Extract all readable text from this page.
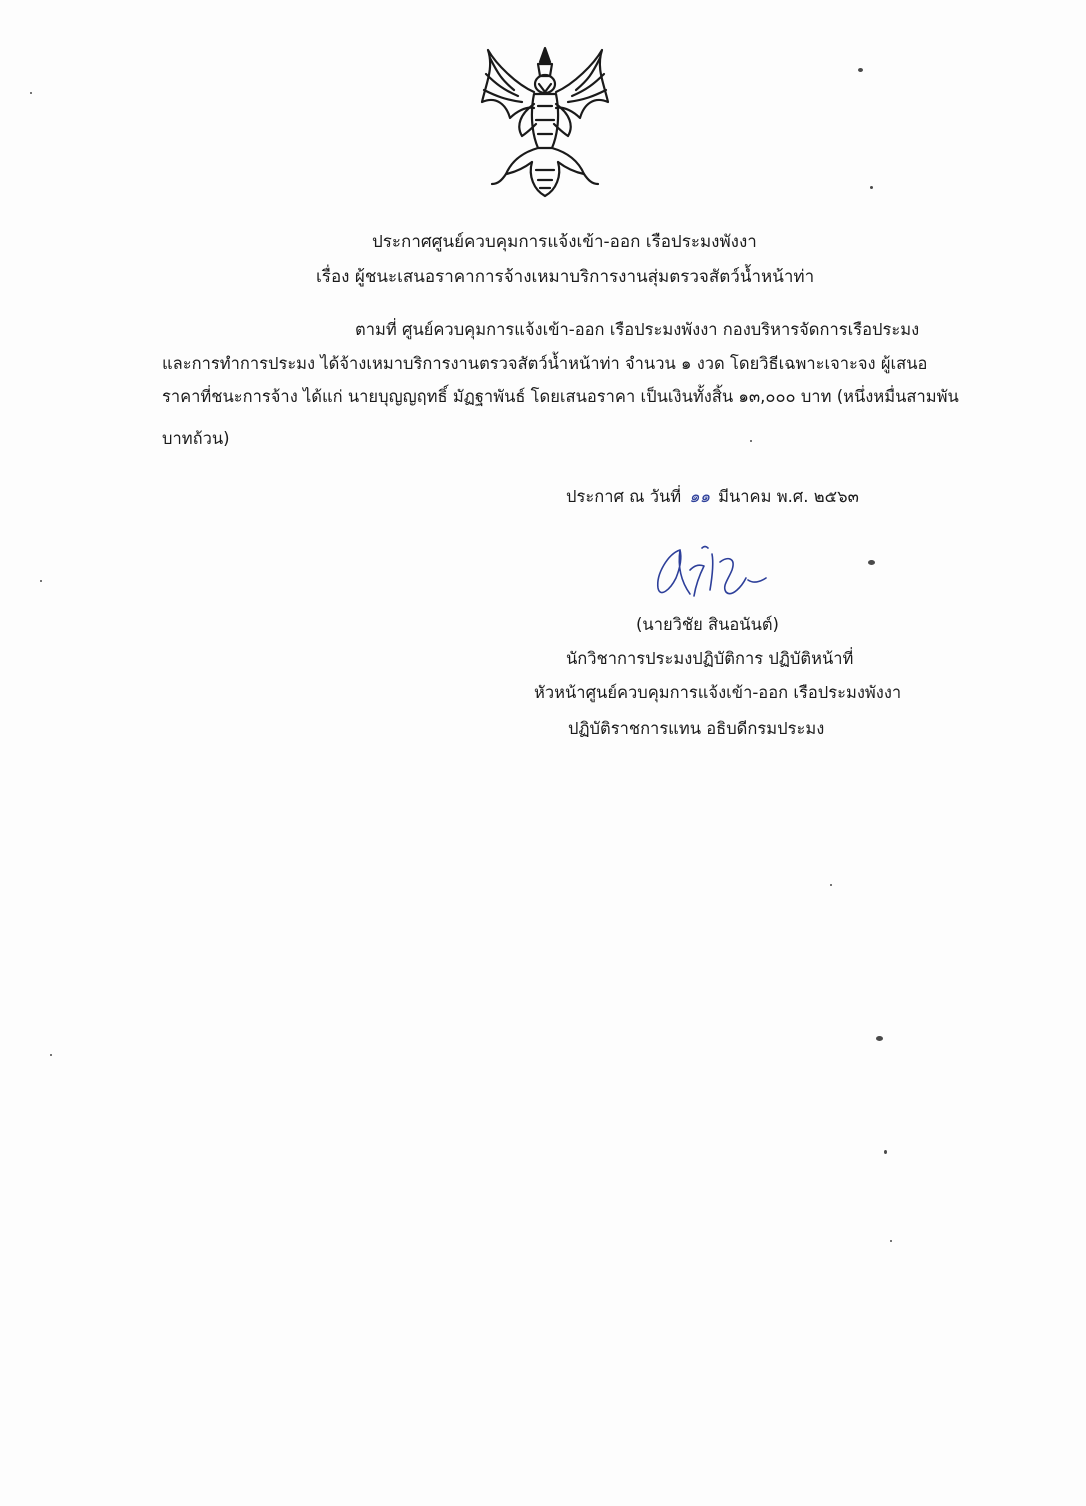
ประกาศศูนย์ควบคุมการแจ้งเข้า-ออก เรือประมงพังงา
เรื่อง ผู้ชนะเสนอราคาการจ้างเหมาบริการงานสุ่มตรวจสัตว์น้ำหน้าท่า
ตามที่ ศูนย์ควบคุมการแจ้งเข้า-ออก เรือประมงพังงา กองบริหารจัดการเรือประมง
และการทำการประมง ได้จ้างเหมาบริการงานตรวจสัตว์น้ำหน้าท่า จำนวน ๑ งวด โดยวิธีเฉพาะเจาะจง ผู้เสนอ
ราคาที่ชนะการจ้าง ได้แก่ นายบุญญฤทธิ์ มัฏฐาพันธ์ โดยเสนอราคา เป็นเงินทั้งสิ้น ๑๓,๐๐๐ บาท (หนึ่งหมื่นสามพัน
บาทถ้วน)
ประกาศ ณ วันที่ ๑๑ มีนาคม พ.ศ. ๒๕๖๓
(นายวิชัย สินอนันต์)
นักวิชาการประมงปฏิบัติการ ปฏิบัติหน้าที่
หัวหน้าศูนย์ควบคุมการแจ้งเข้า-ออก เรือประมงพังงา
ปฏิบัติราชการแทน อธิบดีกรมประมง
